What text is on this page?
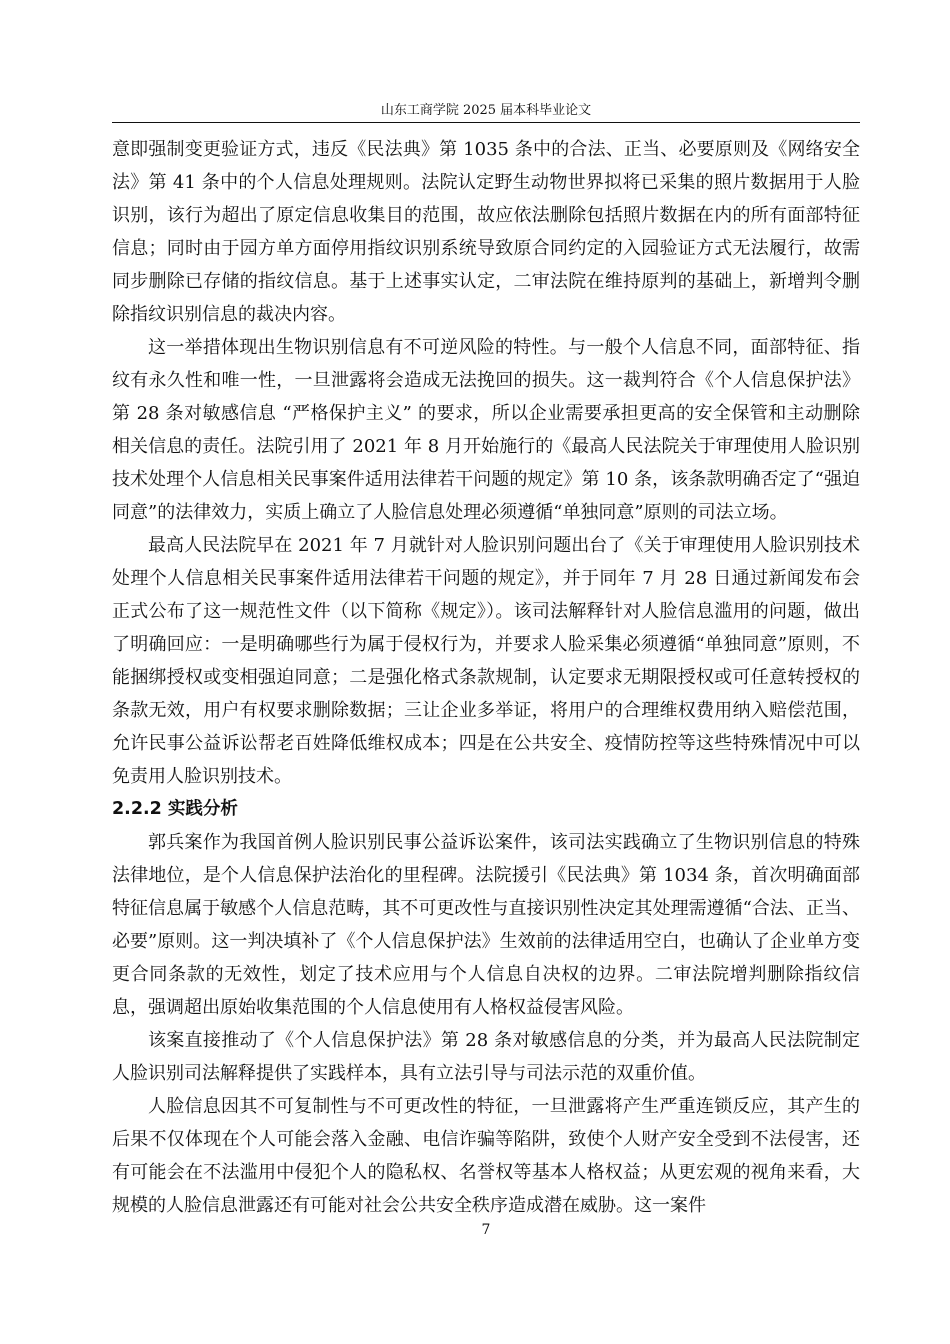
山东工商学院 2025 届本科毕业论文

意即强制变更验证方式，违反《民法典》第 1035 条中的合法、正当、必要原则及《网络安全法》第 41 条中的个人信息处理规则。法院认定野生动物世界拟将已采集的照片数据用于人脸识别，该行为超出了原定信息收集目的范围，故应依法删除包括照片数据在内的所有面部特征信息；同时由于园方单方面停用指纹识别系统导致原合同约定的入园验证方式无法履行，故需同步删除已存储的指纹信息。基于上述事实认定，二审法院在维持原判的基础上，新增判令删除指纹识别信息的裁决内容。

这一举措体现出生物识别信息有不可逆风险的特性。与一般个人信息不同，面部特征、指纹有永久性和唯一性，一旦泄露将会造成无法挽回的损失。这一裁判符合《个人信息保护法》第 28 条对敏感信息 “严格保护主义” 的要求，所以企业需要承担更高的安全保管和主动删除相关信息的责任。法院引用了 2021 年 8 月开始施行的《最高人民法院关于审理使用人脸识别技术处理个人信息相关民事案件适用法律若干问题的规定》第 10 条，该条款明确否定了“强迫同意”的法律效力，实质上确立了人脸信息处理必须遵循“单独同意”原则的司法立场。

最高人民法院早在 2021 年 7 月就针对人脸识别问题出台了《关于审理使用人脸识别技术处理个人信息相关民事案件适用法律若干问题的规定》，并于同年 7 月 28 日通过新闻发布会正式公布了这一规范性文件（以下简称《规定》）。该司法解释针对人脸信息滥用的问题，做出了明确回应：一是明确哪些行为属于侵权行为，并要求人脸采集必须遵循“单独同意”原则，不能捆绑授权或变相强迫同意；二是强化格式条款规制，认定要求无期限授权或可任意转授权的条款无效，用户有权要求删除数据；三让企业多举证，将用户的合理维权费用纳入赔偿范围，允许民事公益诉讼帮老百姓降低维权成本；四是在公共安全、疫情防控等这些特殊情况中可以免责用人脸识别技术。

2.2.2 实践分析

郭兵案作为我国首例人脸识别民事公益诉讼案件，该司法实践确立了生物识别信息的特殊法律地位，是个人信息保护法治化的里程碑。法院援引《民法典》第 1034 条，首次明确面部特征信息属于敏感个人信息范畴，其不可更改性与直接识别性决定其处理需遵循“合法、正当、必要”原则。这一判决填补了《个人信息保护法》生效前的法律适用空白，也确认了企业单方变更合同条款的无效性，划定了技术应用与个人信息自决权的边界。二审法院增判删除指纹信息，强调超出原始收集范围的个人信息使用有人格权益侵害风险。

该案直接推动了《个人信息保护法》第 28 条对敏感信息的分类，并为最高人民法院制定人脸识别司法解释提供了实践样本，具有立法引导与司法示范的双重价值。

人脸信息因其不可复制性与不可更改性的特征，一旦泄露将产生严重连锁反应，其产生的后果不仅体现在个人可能会落入金融、电信诈骗等陷阱，致使个人财产安全受到不法侵害，还有可能会在不法滥用中侵犯个人的隐私权、名誉权等基本人格权益；从更宏观的视角来看，大规模的人脸信息泄露还有可能对社会公共安全秩序造成潜在威胁。这一案件

7
